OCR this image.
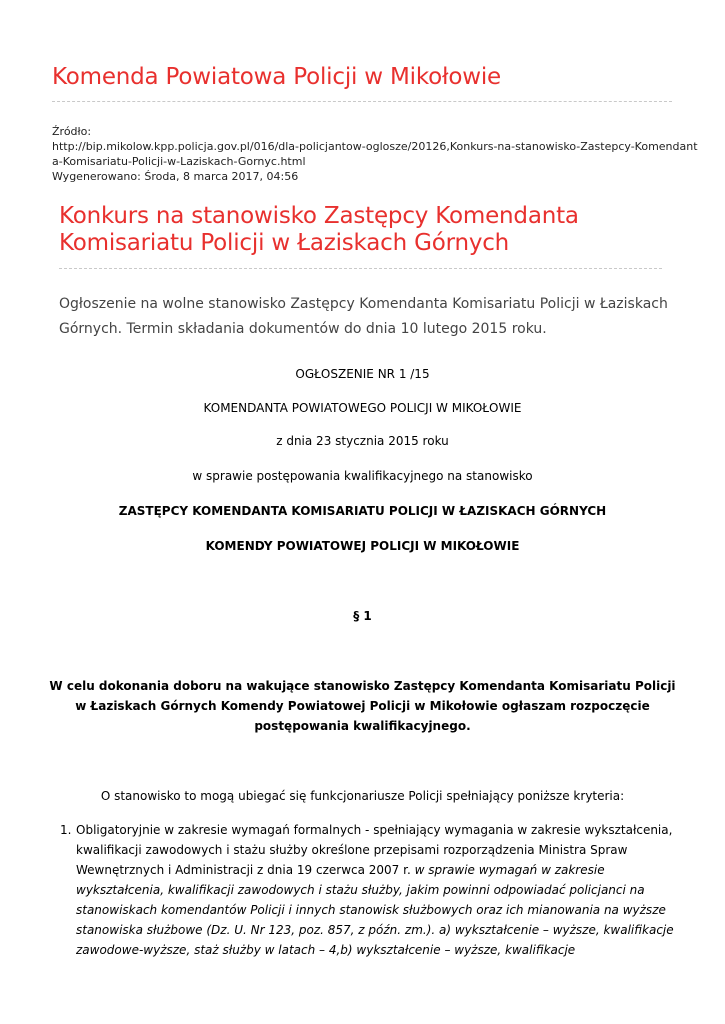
Komenda Powiatowa Policji w Mikołowie
Źródło:
http://bip.mikolow.kpp.policja.gov.pl/016/dla-policjantow-oglosze/20126,Konkurs-na-stanowisko-Zastepcy-Komendant
a-Komisariatu-Policji-w-Laziskach-Gornyc.html
Wygenerowano: Środa, 8 marca 2017, 04:56
Konkurs na stanowisko Zastępcy Komendanta Komisariatu Policji w Łaziskach Górnych
Ogłoszenie na wolne stanowisko Zastępcy Komendanta Komisariatu Policji w Łaziskach Górnych. Termin składania dokumentów do dnia 10 lutego 2015 roku.
OGŁOSZENIE NR 1 /15
KOMENDANTA POWIATOWEGO POLICJI W MIKOŁOWIE
z dnia 23 stycznia 2015 roku
w sprawie postępowania kwalifikacyjnego na stanowisko
ZASTĘPCY KOMENDANTA KOMISARIATU POLICJI W ŁAZISKACH GÓRNYCH
KOMENDY POWIATOWEJ POLICJI W MIKOŁOWIE
§ 1
W celu dokonania doboru na wakujące stanowisko Zastępcy Komendanta Komisariatu Policji
w Łaziskach Górnych Komendy Powiatowej Policji w Mikołowie ogłaszam rozpoczęcie
postępowania kwalifikacyjnego.
O stanowisko to mogą ubiegać się funkcjonariusze Policji spełniający poniższe kryteria:
1. Obligatoryjnie w zakresie wymagań formalnych - spełniający wymagania w zakresie wykształcenia,
kwalifikacji zawodowych i stażu służby określone przepisami rozporządzenia Ministra Spraw
Wewnętrznych i Administracji z dnia 19 czerwca 2007 r. w sprawie wymagań w zakresie
wykształcenia, kwalifikacji zawodowych i stażu służby, jakim powinni odpowiadać policjanci na
stanowiskach komendantów Policji i innych stanowisk służbowych oraz ich mianowania na wyższe
stanowiska służbowe (Dz. U. Nr 123, poz. 857, z późn. zm.). a) wykształcenie – wyższe, kwalifikacje
zawodowe-wyższe, staż służby w latach – 4,b) wykształcenie – wyższe, kwalifikacje
